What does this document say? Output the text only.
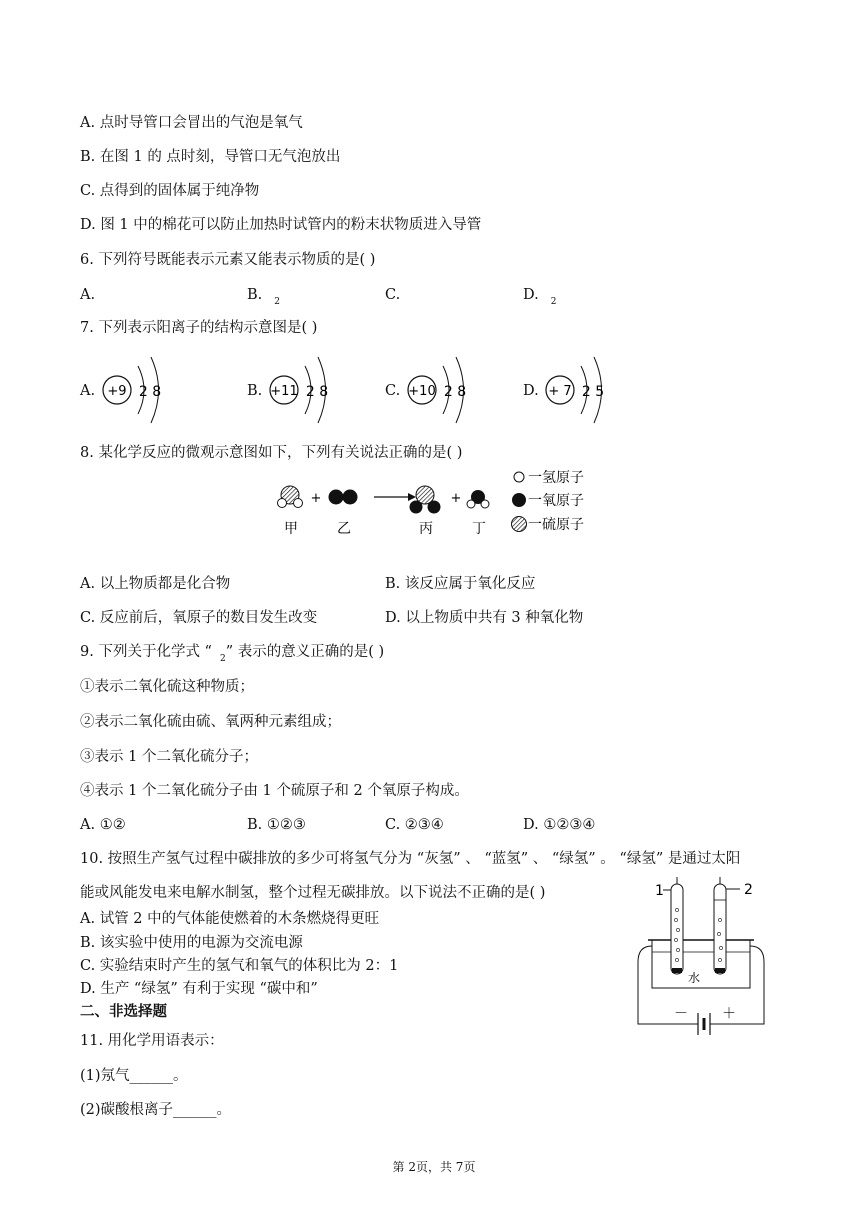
A. 点时导管口会冒出的气泡是氧气
B. 在图 1 的 点时刻，导管口无气泡放出
C. 点得到的固体属于纯净物
D. 图 1 中的棉花可以防止加热时试管内的粉末状物质进入导管
6. 下列符号既能表示元素又能表示物质的是( )
A.	B. $_2$	C.	D. $_2$
7. 下列表示阳离子的结构示意图是( )
A. +9 2 8	B. +11 2 8	C. +10 2 8	D. + 7 2 5
8. 某化学反应的微观示意图如下，下列有关说法正确的是( )
+	+
甲	乙	丙	丁
一氢原子
一氧原子
一硫原子
A. 以上物质都是化合物	B. 该反应属于氧化反应
C. 反应前后，氧原子的数目发生改变	D. 以上物质中共有 3 种氧化物
9. 下列关于化学式 “ $_2$” 表示的意义正确的是( )
①表示二氧化硫这种物质；
②表示二氧化硫由硫、氧两种元素组成；
③表示 1 个二氧化硫分子；
④表示 1 个二氧化硫分子由 1 个硫原子和 2 个氧原子构成。
A. ①②	B. ①②③	C. ②③④	D. ①②③④
10. 按照生产氢气过程中碳排放的多少可将氢气分为 “灰氢” 、 “蓝氢” 、 “绿氢” 。 “绿氢” 是通过太阳
能或风能发电来电解水制氢，整个过程无碳排放。以下说法不正确的是( )
A. 试管 2 中的气体能使燃着的木条燃烧得更旺
B. 该实验中使用的电源为交流电源
C. 实验结束时产生的氢气和氧气的体积比为 2：1
D. 生产 “绿氢” 有利于实现 “碳中和”
1	2
水
－ ＋
二、非选择题
11. 用化学用语表示：
(1)氖气______。
(2)碳酸根离子______。
第 2页，共 7页
